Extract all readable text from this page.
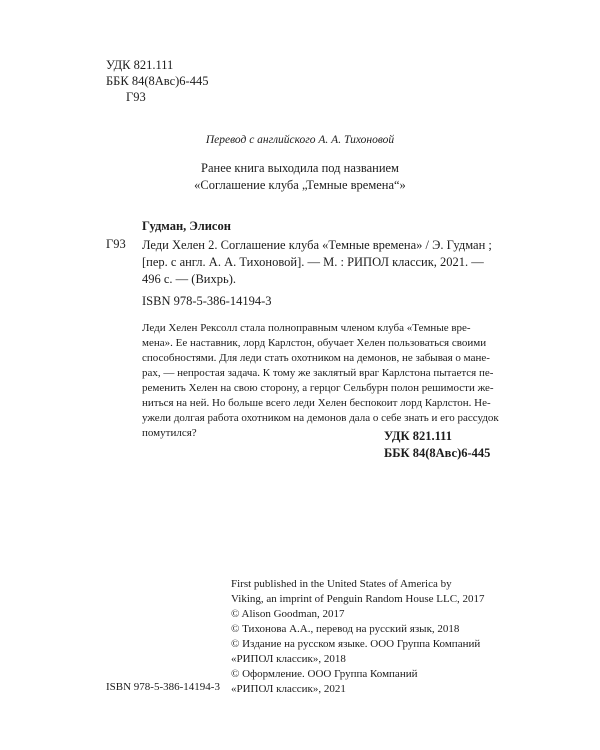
УДК 821.111
ББК 84(8Авс)6-445
Г93
Перевод с английского А. А. Тихоновой
Ранее книга выходила под названием
«Соглашение клуба „Темные времена“»
Гудман, Элисон
Г93 Леди Хелен 2. Соглашение клуба «Темные времена» / Э. Гудман ;
[пер. с англ. А. А. Тихоновой]. — М. : РИПОЛ классик, 2021. —
496 с. — (Вихрь).
ISBN 978-5-386-14194-3
Леди Хелен Рексолл стала полноправным членом клуба «Темные вре-
мена». Ее наставник, лорд Карлстон, обучает Хелен пользоваться своими
способностями. Для леди стать охотником на демонов, не забывая о мане-
рах, — непростая задача. К тому же заклятый враг Карлстона пытается пе-
ременить Хелен на свою сторону, а герцог Сельбурн полон решимости же-
ниться на ней. Но больше всего леди Хелен беспокоит лорд Карлстон. Не-
ужели долгая работа охотником на демонов дала о себе знать и его рассудок
помутился?	УДК 821.111
ББК 84(8Авс)6-445
First published in the United States of America by
Viking, an imprint of Penguin Random House LLC, 2017
© Alison Goodman, 2017
© Тихонова А.А., перевод на русский язык, 2018
© Издание на русском языке. ООО Группа Компаний
«РИПОЛ классик», 2018
© Оформление. ООО Группа Компаний
«РИПОЛ классик», 2021
ISBN 978-5-386-14194-3
